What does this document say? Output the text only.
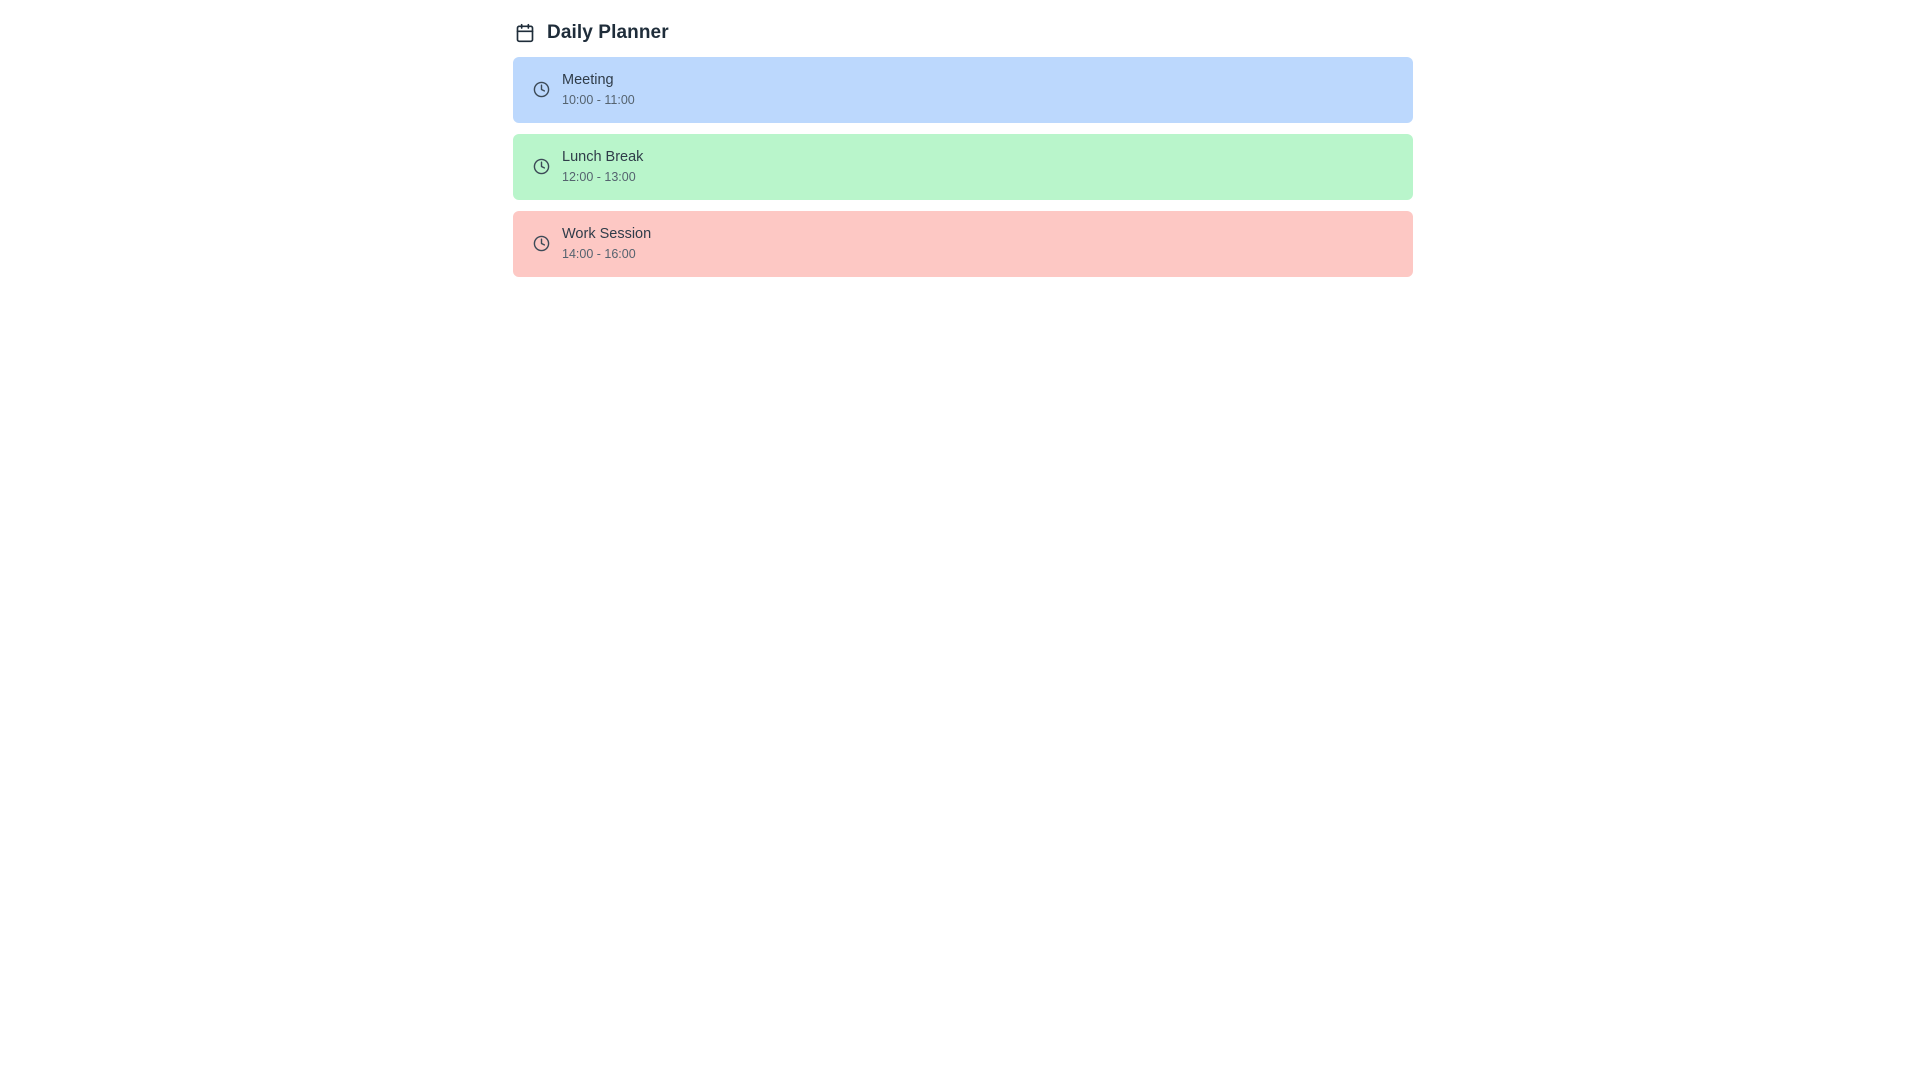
Daily Planner
Meeting
10:00 - 11:00
Lunch Break
12:00 - 13:00
Work Session
14:00 - 16:00
